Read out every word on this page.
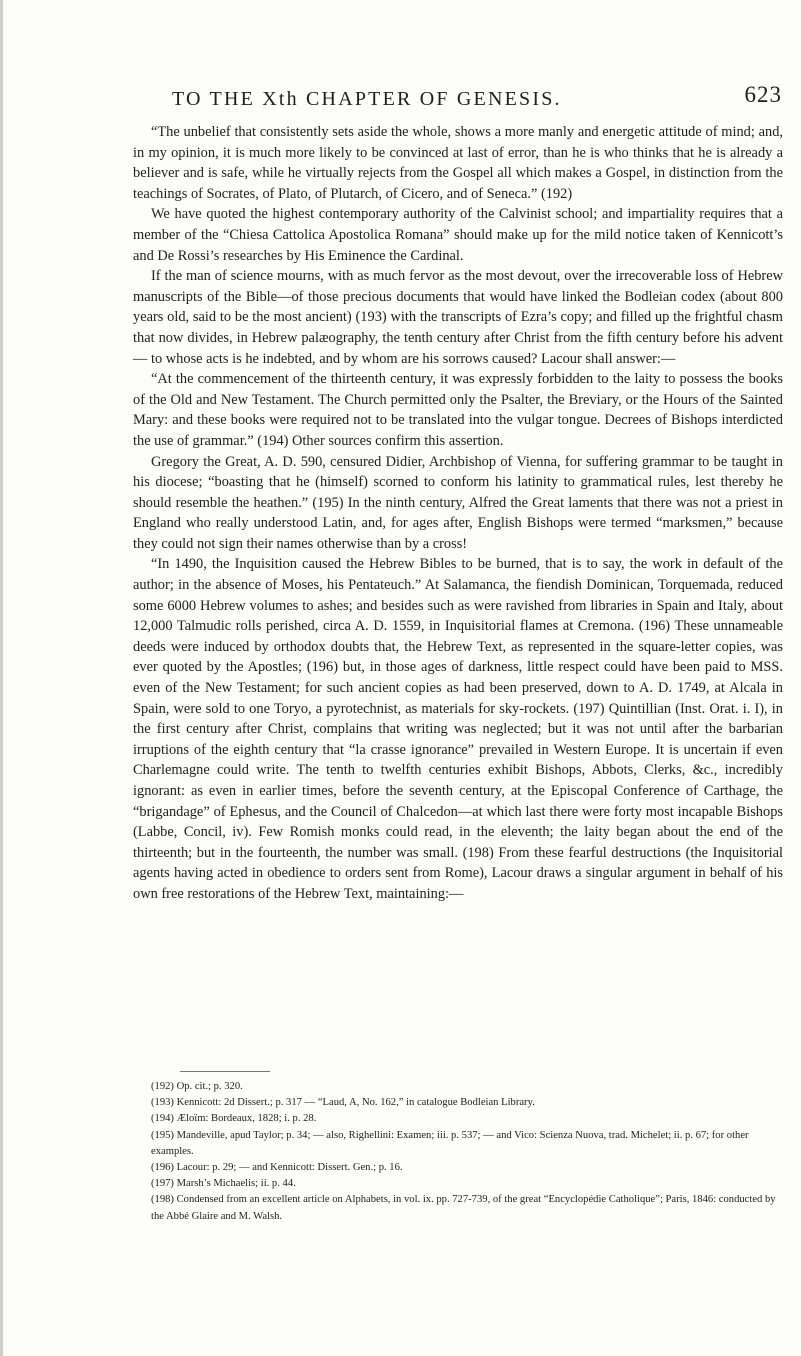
TO THE Xth CHAPTER OF GENESIS.	623

“The unbelief that consistently sets aside the whole, shows a more manly and energetic attitude of mind; and, in my opinion, it is much more likely to be convinced at last of error, than he is who thinks that he is already a believer and is safe, while he virtually rejects from the Gospel all which makes a Gospel, in distinction from the teachings of Socrates, of Plato, of Plutarch, of Cicero, and of Seneca.” (192)

We have quoted the highest contemporary authority of the Calvinist school; and impartiality requires that a member of the “Chiesa Cattolica Apostolica Romana” should make up for the mild notice taken of Kennicott’s and De Rossi’s researches by His Eminence the Cardinal.

If the man of science mourns, with as much fervor as the most devout, over the irrecoverable loss of Hebrew manuscripts of the Bible—of those precious documents that would have linked the Bodleian codex (about 800 years old, said to be the most ancient) (193) with the transcripts of Ezra’s copy; and filled up the frightful chasm that now divides, in Hebrew palæography, the tenth century after Christ from the fifth century before his advent — to whose acts is he indebted, and by whom are his sorrows caused? Lacour shall answer:—

“At the commencement of the thirteenth century, it was expressly forbidden to the laity to possess the books of the Old and New Testament. The Church permitted only the Psalter, the Breviary, or the Hours of the Sainted Mary: and these books were required not to be translated into the vulgar tongue. Decrees of Bishops interdicted the use of grammar.” (194) Other sources confirm this assertion.

Gregory the Great, A. D. 590, censured Didier, Archbishop of Vienna, for suffering grammar to be taught in his diocese; “boasting that he (himself) scorned to conform his latinity to grammatical rules, lest thereby he should resemble the heathen.” (195) In the ninth century, Alfred the Great laments that there was not a priest in England who really understood Latin, and, for ages after, English Bishops were termed “marksmen,” because they could not sign their names otherwise than by a cross!

“In 1490, the Inquisition caused the Hebrew Bibles to be burned, that is to say, the work in default of the author; in the absence of Moses, his Pentateuch.” At Salamanca, the fiendish Dominican, Torquemada, reduced some 6000 Hebrew volumes to ashes; and besides such as were ravished from libraries in Spain and Italy, about 12,000 Talmudic rolls perished, circa A. D. 1559, in Inquisitorial flames at Cremona. (196) These unnameable deeds were induced by orthodox doubts that, the Hebrew Text, as represented in the square-letter copies, was ever quoted by the Apostles; (196) but, in those ages of darkness, little respect could have been paid to MSS. even of the New Testament; for such ancient copies as had been preserved, down to A. D. 1749, at Alcala in Spain, were sold to one Toryo, a pyrotechnist, as materials for sky-rockets. (197) Quintillian (Inst. Orat. i. I), in the first century after Christ, complains that writing was neglected; but it was not until after the barbarian irruptions of the eighth century that “la crasse ignorance” prevailed in Western Europe. It is uncertain if even Charlemagne could write. The tenth to twelfth centuries exhibit Bishops, Abbots, Clerks, &c., incredibly ignorant: as even in earlier times, before the seventh century, at the Episcopal Conference of Carthage, the “brigandage” of Ephesus, and the Council of Chalcedon—at which last there were forty most incapable Bishops (Labbe, Concil, iv). Few Romish monks could read, in the eleventh; the laity began about the end of the thirteenth; but in the fourteenth, the number was small. (198) From these fearful destructions (the Inquisitorial agents having acted in obedience to orders sent from Rome), Lacour draws a singular argument in behalf of his own free restorations of the Hebrew Text, maintaining:—

(192) Op. cit.; p. 320.

(193) Kennicott: 2d Dissert.; p. 317 — “Laud, A, No. 162,” in catalogue Bodleian Library.

(194) Æloïm: Bordeaux, 1828; i. p. 28.

(195) Mandeville, apud Taylor; p. 34; — also, Righellini: Examen; iii. p. 537; — and Vico: Scienza Nuova, trad. Michelet; ii. p. 67; for other examples.

(196) Lacour: p. 29; — and Kennicott: Dissert. Gen.; p. 16.

(197) Marsh’s Michaelis; ii. p. 44.

(198) Condensed from an excellent article on Alphabets, in vol. ix. pp. 727-739, of the great “Encyclopédie Catholique”; Paris, 1846: conducted by the Abbé Glaire and M. Walsh.
